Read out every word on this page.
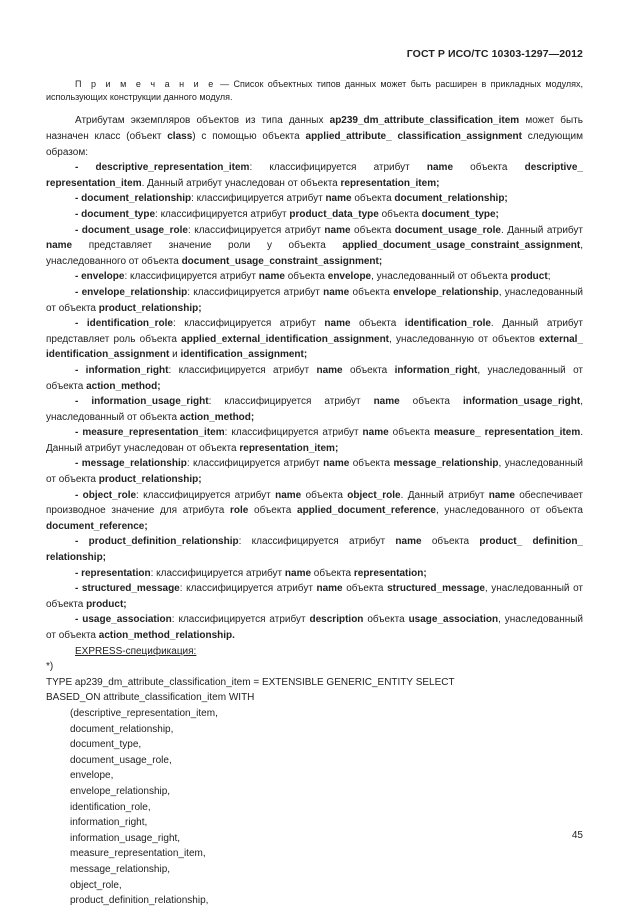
ГОСТ Р ИСО/ТС 10303-1297—2012

П р и м е ч а н и е — Список объектных типов данных может быть расширен в прикладных модулях, использующих конструкции данного модуля.

Атрибутам экземпляров объектов из типа данных ap239_dm_attribute_classification_item может быть назначен класс (объект class) с помощью объекта applied_attribute_ classification_assignment следующим образом:

- descriptive_representation_item: классифицируется атрибут name объекта descriptive_ representation_item. Данный атрибут унаследован от объекта representation_item;

- document_relationship: классифицируется атрибут name объекта document_relationship;

- document_type: классифицируется атрибут product_data_type объекта document_type;

- document_usage_role: классифицируется атрибут name объекта document_usage_role. Данный атрибут name представляет значение роли у объекта applied_document_usage_constraint_assignment, унаследованного от объекта document_usage_constraint_assignment;

- envelope: классифицируется атрибут name объекта envelope, унаследованный от объекта product;

- envelope_relationship: классифицируется атрибут name объекта envelope_relationship, унаследованный от объекта product_relationship;

- identification_role: классифицируется атрибут name объекта identification_role. Данный атрибут представляет роль объекта applied_external_identification_assignment, унаследованную от объектов external_ identification_assignment и identification_assignment;

- information_right: классифицируется атрибут name объекта information_right, унаследованный от объекта action_method;

- information_usage_right: классифицируется атрибут name объекта information_usage_right, унаследованный от объекта action_method;

- measure_representation_item: классифицируется атрибут name объекта measure_ representation_item. Данный атрибут унаследован от объекта representation_item;

- message_relationship: классифицируется атрибут name объекта message_relationship, унаследованный от объекта product_relationship;

- object_role: классифицируется атрибут name объекта object_role. Данный атрибут name обеспечивает производное значение для атрибута role объекта applied_document_reference, унаследованного от объекта document_reference;

- product_definition_relationship: классифицируется атрибут name объекта product_ definition_ relationship;

- representation: классифицируется атрибут name объекта representation;

- structured_message: классифицируется атрибут name объекта structured_message, унаследованный от объекта product;

- usage_association: классифицируется атрибут description объекта usage_association, унаследованный от объекта action_method_relationship.

EXPRESS-спецификация:

*)

TYPE ap239_dm_attribute_classification_item = EXTENSIBLE GENERIC_ENTITY SELECT

BASED_ON attribute_classification_item WITH

(descriptive_representation_item,

document_relationship,

document_type,

document_usage_role,

envelope,

envelope_relationship,

identification_role,

information_right,

information_usage_right,

measure_representation_item,

message_relationship,

object_role,

product_definition_relationship,

45
